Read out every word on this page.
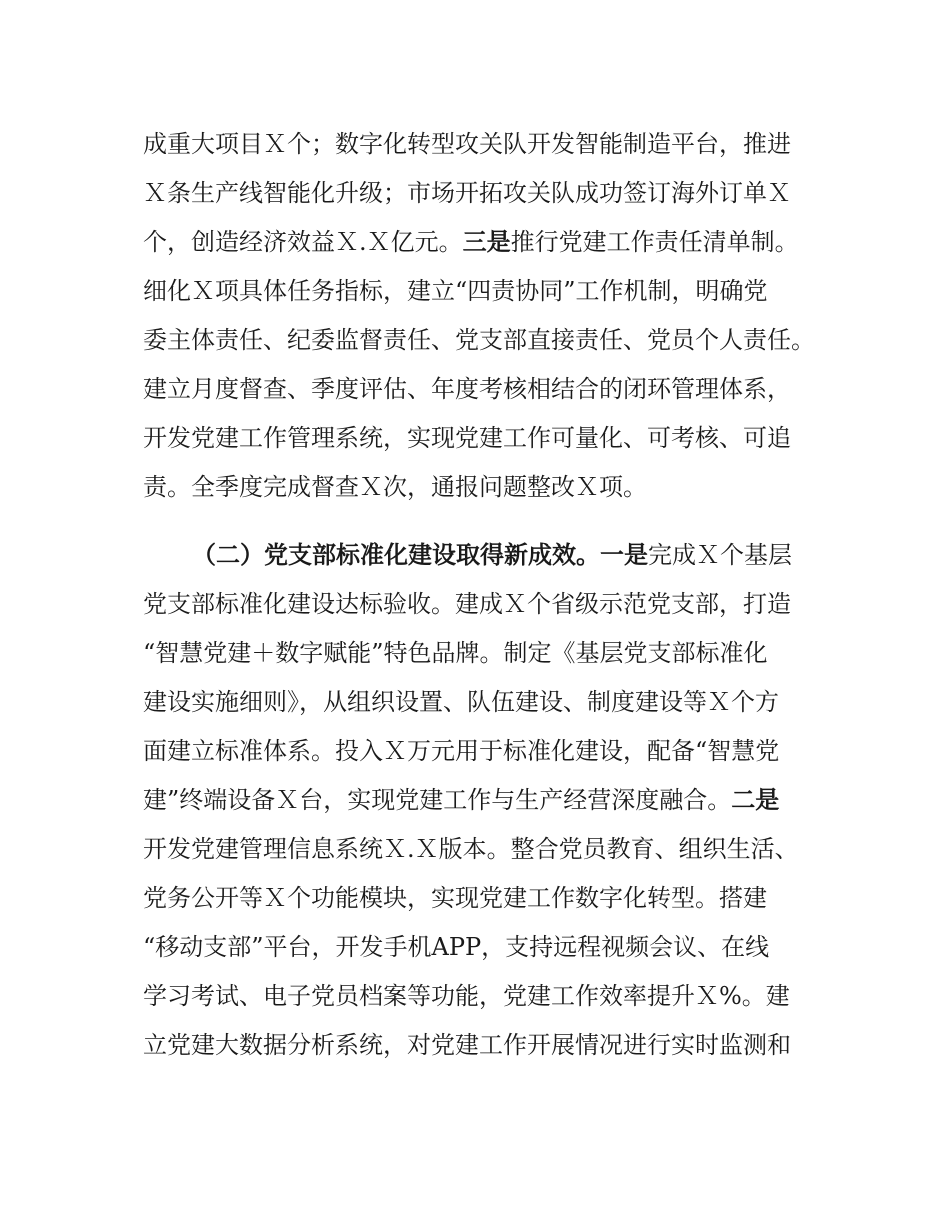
成重大项目Ｘ个；数字化转型攻关队开发智能制造平台，推进
Ｘ条生产线智能化升级；市场开拓攻关队成功签订海外订单Ｘ
个，创造经济效益Ｘ.Ｘ亿元。三是推行党建工作责任清单制。
细化Ｘ项具体任务指标，建立“四责协同”工作机制，明确党
委主体责任、纪委监督责任、党支部直接责任、党员个人责任。
建立月度督查、季度评估、年度考核相结合的闭环管理体系，
开发党建工作管理系统，实现党建工作可量化、可考核、可追
责。全季度完成督查Ｘ次，通报问题整改Ｘ项。
（二）党支部标准化建设取得新成效。一是完成Ｘ个基层
党支部标准化建设达标验收。建成Ｘ个省级示范党支部，打造
“智慧党建＋数字赋能”特色品牌。制定《基层党支部标准化
建设实施细则》，从组织设置、队伍建设、制度建设等Ｘ个方
面建立标准体系。投入Ｘ万元用于标准化建设，配备“智慧党
建”终端设备Ｘ台，实现党建工作与生产经营深度融合。二是
开发党建管理信息系统Ｘ.Ｘ版本。整合党员教育、组织生活、
党务公开等Ｘ个功能模块，实现党建工作数字化转型。搭建
“移动支部”平台，开发手机APP，支持远程视频会议、在线
学习考试、电子党员档案等功能，党建工作效率提升Ｘ%。建
立党建大数据分析系统，对党建工作开展情况进行实时监测和
